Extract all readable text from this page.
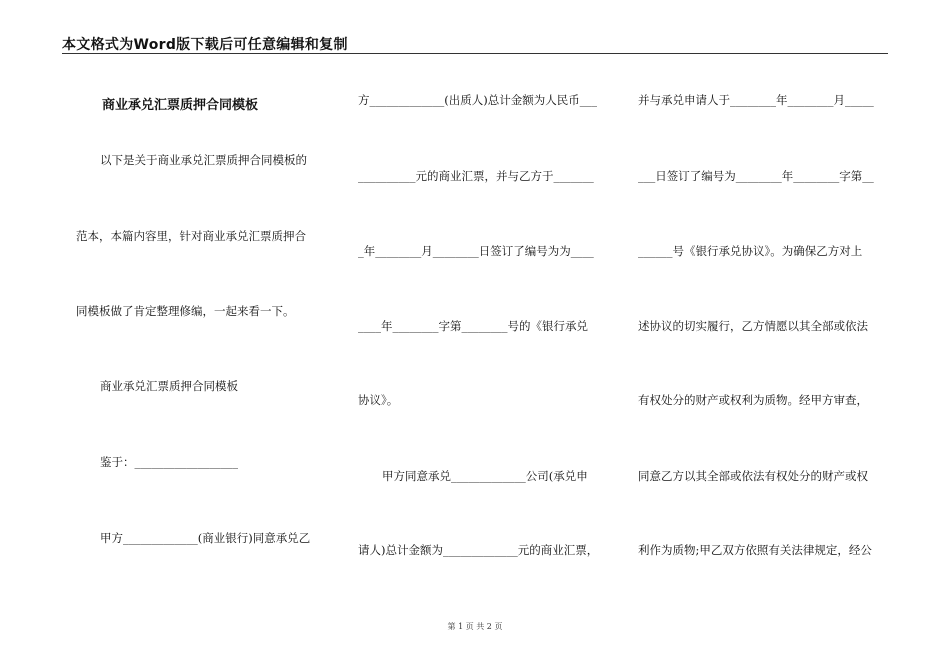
本文格式为Word版下载后可任意编辑和复制
商业承兑汇票质押合同模板
以下是关于商业承兑汇票质押合同模板的
范本，本篇内容里，针对商业承兑汇票质押合
同模板做了肯定整理修编，一起来看一下。
商业承兑汇票质押合同模板
鉴于：__________________
甲方_____________(商业银行)同意承兑乙
方_____________(出质人)总计金额为人民币___
__________元的商业汇票，并与乙方于_______
_年________月________日签订了编号为为____
____年________字第________号的《银行承兑
协议》。
甲方同意承兑_____________公司(承兑申
请人)总计金额为_____________元的商业汇票，
并与承兑申请人于________年________月_____
___日签订了编号为________年________字第__
______号《银行承兑协议》。为确保乙方对上
述协议的切实履行，乙方情愿以其全部或依法
有权处分的财产或权利为质物。经甲方审查，
同意乙方以其全部或依法有权处分的财产或权
利作为质物;甲乙双方依照有关法律规定，经公
第 1 页 共 2 页
